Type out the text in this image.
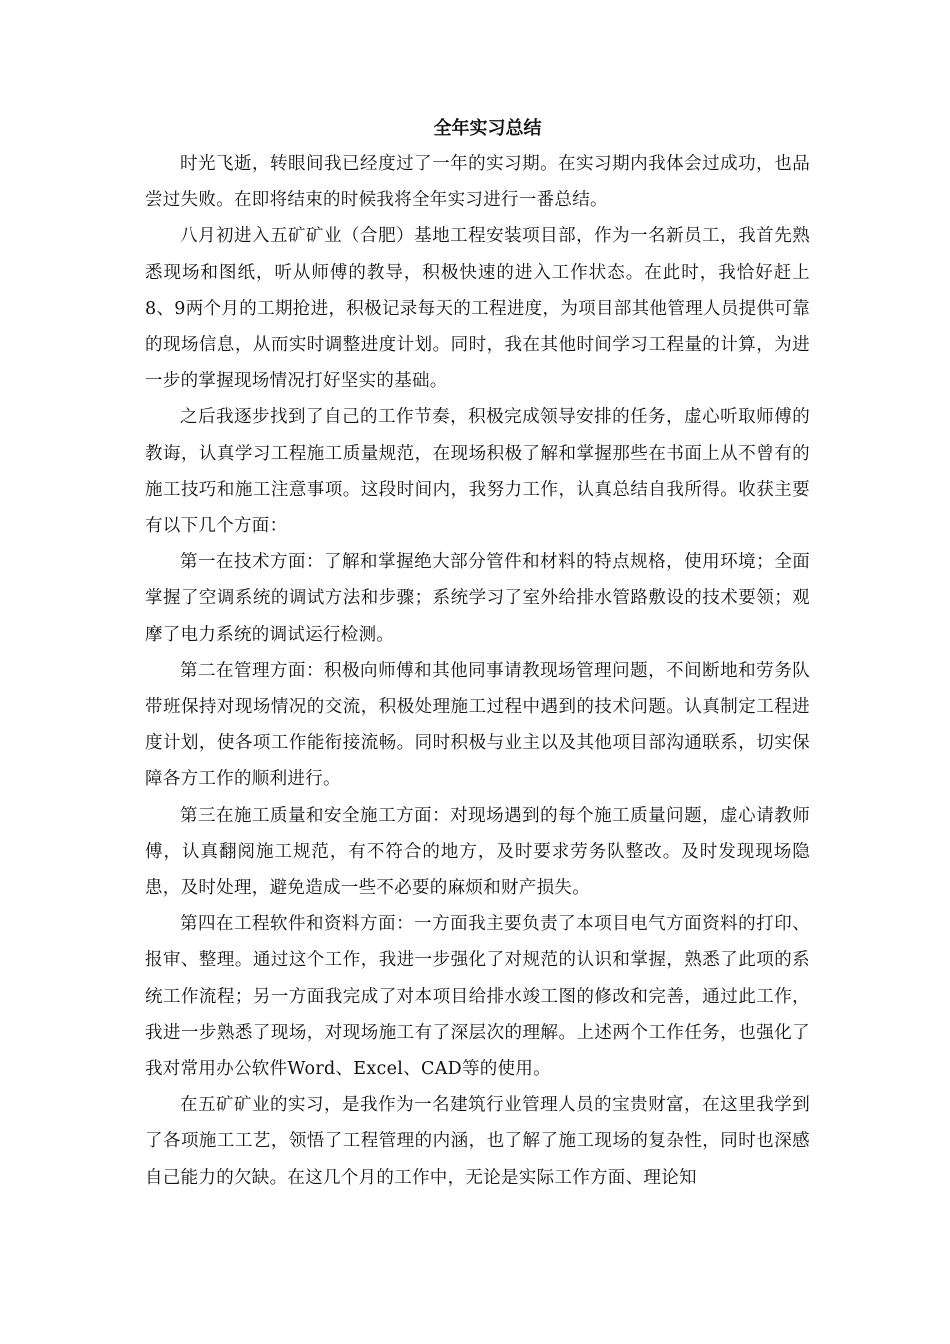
全年实习总结

时光飞逝，转眼间我已经度过了一年的实习期。在实习期内我体会过成功，也品尝过失败。在即将结束的时候我将全年实习进行一番总结。

八月初进入五矿矿业（合肥）基地工程安装项目部，作为一名新员工，我首先熟悉现场和图纸，听从师傅的教导，积极快速的进入工作状态。在此时，我恰好赶上8、9两个月的工期抢进，积极记录每天的工程进度，为项目部其他管理人员提供可靠的现场信息，从而实时调整进度计划。同时，我在其他时间学习工程量的计算，为进一步的掌握现场情况打好坚实的基础。

之后我逐步找到了自己的工作节奏，积极完成领导安排的任务，虚心听取师傅的教诲，认真学习工程施工质量规范，在现场积极了解和掌握那些在书面上从不曾有的施工技巧和施工注意事项。这段时间内，我努力工作，认真总结自我所得。收获主要有以下几个方面：

第一在技术方面：了解和掌握绝大部分管件和材料的特点规格，使用环境；全面掌握了空调系统的调试方法和步骤；系统学习了室外给排水管路敷设的技术要领；观摩了电力系统的调试运行检测。

第二在管理方面：积极向师傅和其他同事请教现场管理问题，不间断地和劳务队带班保持对现场情况的交流，积极处理施工过程中遇到的技术问题。认真制定工程进度计划，使各项工作能衔接流畅。同时积极与业主以及其他项目部沟通联系，切实保障各方工作的顺利进行。

第三在施工质量和安全施工方面：对现场遇到的每个施工质量问题，虚心请教师傅，认真翻阅施工规范，有不符合的地方，及时要求劳务队整改。及时发现现场隐患，及时处理，避免造成一些不必要的麻烦和财产损失。

第四在工程软件和资料方面：一方面我主要负责了本项目电气方面资料的打印、报审、整理。通过这个工作，我进一步强化了对规范的认识和掌握，熟悉了此项的系统工作流程；另一方面我完成了对本项目给排水竣工图的修改和完善，通过此工作，我进一步熟悉了现场，对现场施工有了深层次的理解。上述两个工作任务，也强化了我对常用办公软件Word、Excel、CAD等的使用。

在五矿矿业的实习，是我作为一名建筑行业管理人员的宝贵财富，在这里我学到了各项施工工艺，领悟了工程管理的内涵，也了解了施工现场的复杂性，同时也深感自己能力的欠缺。在这几个月的工作中，无论是实际工作方面、理论知
